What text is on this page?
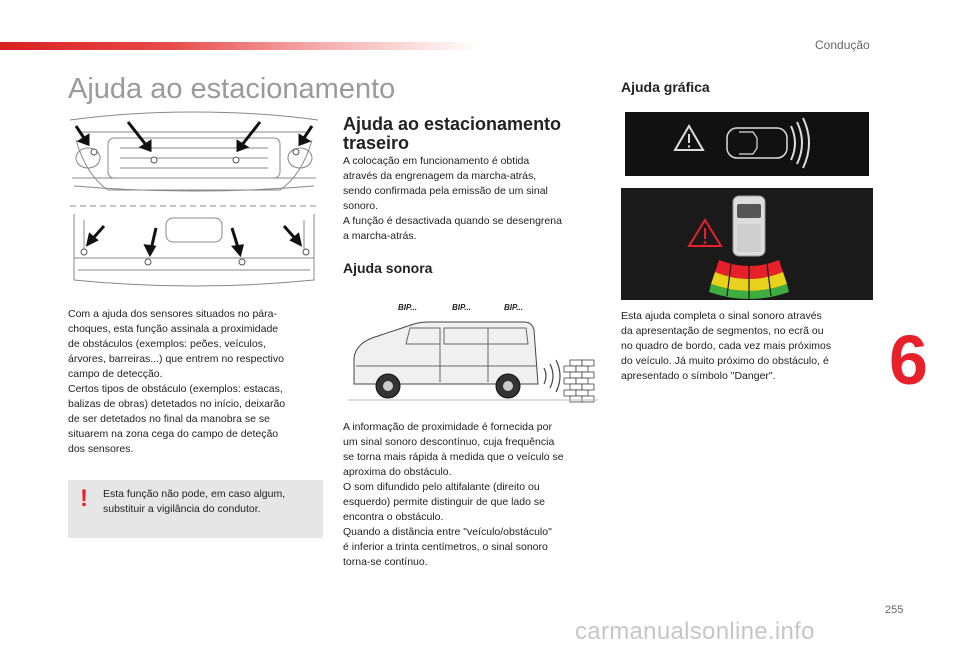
Condução
Ajuda ao estacionamento

Com a ajuda dos sensores situados no pára-
choques, esta função assinala a proximidade
de obstáculos (exemplos: peões, veículos,
árvores, barreiras...) que entrem no respectivo
campo de detecção.
Certos tipos de obstáculo (exemplos: estacas,
balizas de obras) detetados no início, deixarão
de ser detetados no final da manobra se se
situarem na zona cega do campo de deteção
dos sensores.

! Esta função não pode, em caso algum,
substituir a vigilância do condutor.

Ajuda ao estacionamento traseiro

A colocação em funcionamento é obtida
através da engrenagem da marcha-atrás,
sendo confirmada pela emissão de um sinal
sonoro.
A função é desactivada quando se desengrena
a marcha-atrás.

Ajuda sonora
BIP...	BIP...	BIP...

A informação de proximidade é fornecida por
um sinal sonoro descontínuo, cuja frequência
se torna mais rápida à medida que o veículo se
aproxima do obstáculo.
O som difundido pelo altifalante (direito ou
esquerdo) permite distinguir de que lado se
encontra o obstáculo.
Quando a distância entre "veículo/obstáculo"
é inferior a trinta centímetros, o sinal sonoro
torna-se contínuo.

Ajuda gráfica

Esta ajuda completa o sinal sonoro através
da apresentação de segmentos, no ecrã ou
no quadro de bordo, cada vez mais próximos
do veículo. Já muito próximo do obstáculo, é
apresentado o símbolo "Danger".	6
255
carmanualsonline.info
